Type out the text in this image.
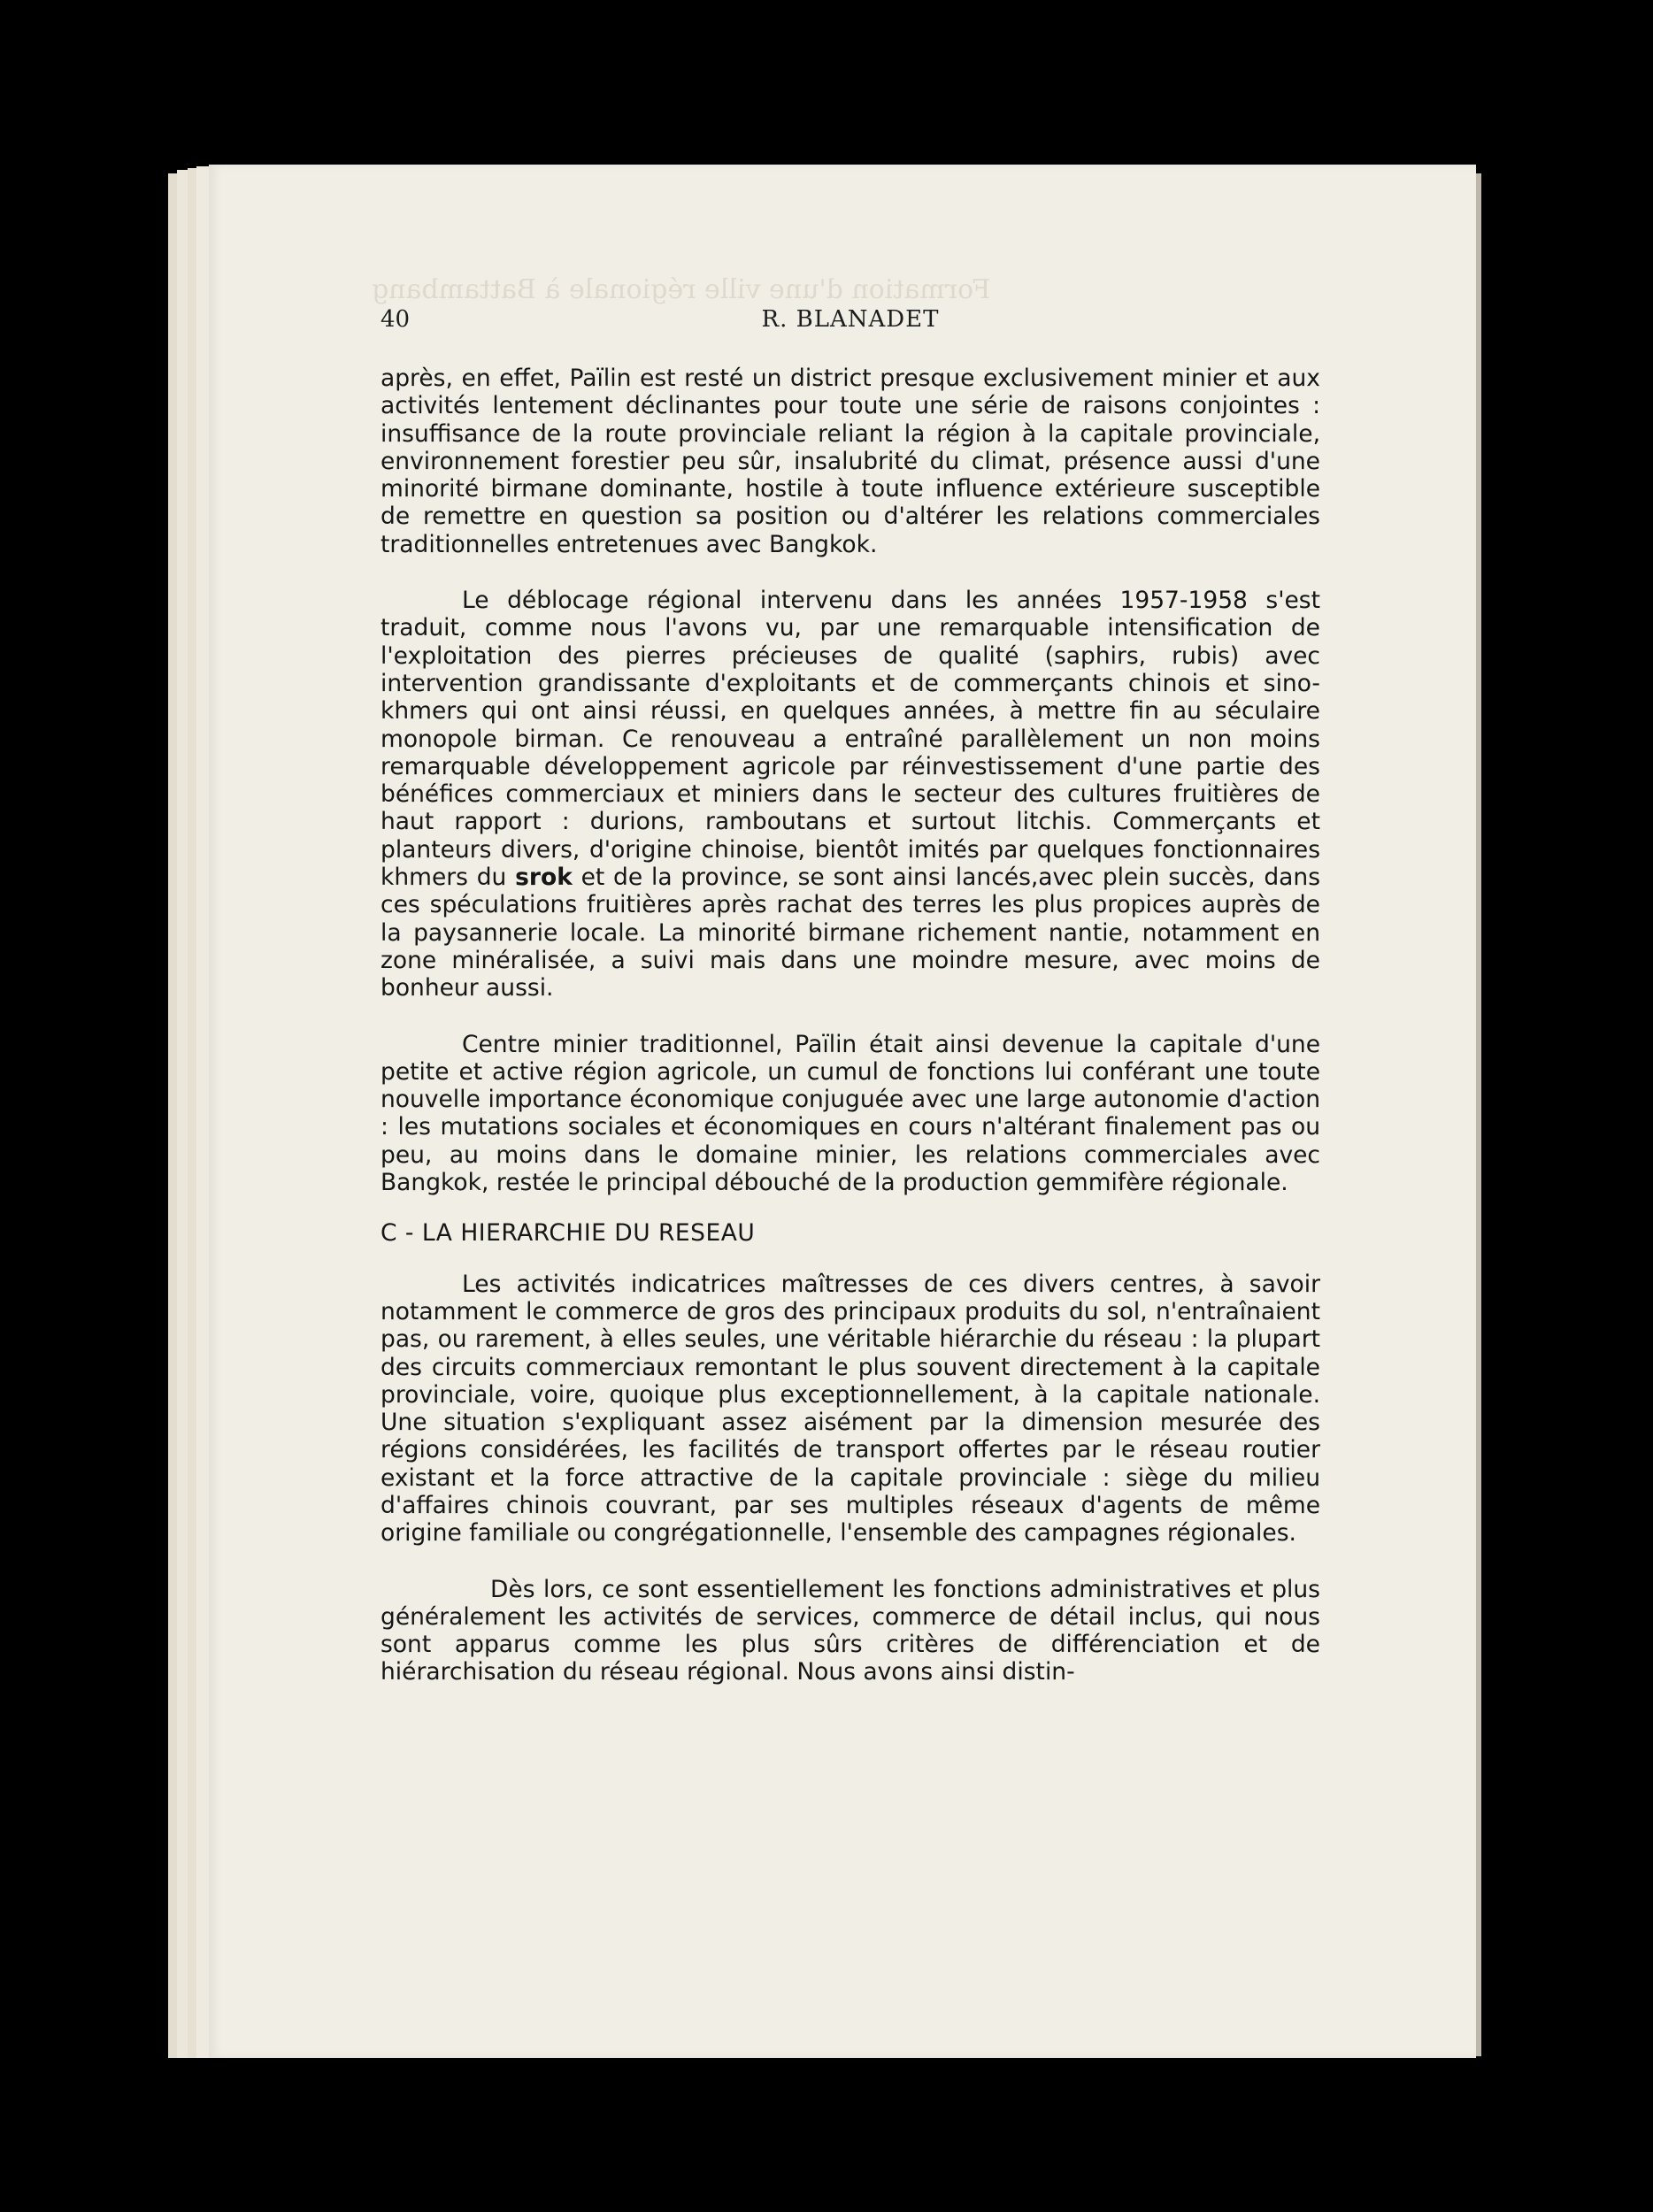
Formation d'une ville régionale à Battambang
40	R. BLANADET

après, en effet, Païlin est resté un district presque exclusivement minier et aux activités lentement déclinantes pour toute une série de raisons conjointes : insuffisance de la route provinciale reliant la région à la capitale provinciale, environnement forestier peu sûr, insalubrité du climat, présence aussi d'une minorité birmane dominante, hostile à toute influence extérieure susceptible de remettre en question sa position ou d'altérer les relations commerciales traditionnelles entretenues avec Bangkok.

Le déblocage régional intervenu dans les années 1957-1958 s'est traduit, comme nous l'avons vu, par une remarquable intensification de l'exploitation des pierres précieuses de qualité (saphirs, rubis) avec intervention grandissante d'exploitants et de commerçants chinois et sino-khmers qui ont ainsi réussi, en quelques années, à mettre fin au séculaire monopole birman. Ce renouveau a entraîné parallèlement un non moins remarquable développement agricole par réinvestissement d'une partie des bénéfices commerciaux et miniers dans le secteur des cultures fruitières de haut rapport : durions, ramboutans et surtout litchis. Commerçants et planteurs divers, d'origine chinoise, bientôt imités par quelques fonctionnaires khmers du srok et de la province, se sont ainsi lancés,avec plein succès, dans ces spéculations fruitières après rachat des terres les plus propices auprès de la paysannerie locale. La minorité birmane richement nantie, notamment en zone minéralisée, a suivi mais dans une moindre mesure, avec moins de bonheur aussi.

Centre minier traditionnel, Païlin était ainsi devenue la capitale d'une petite et active région agricole, un cumul de fonctions lui conférant une toute nouvelle importance économique conjuguée avec une large autonomie d'action : les mutations sociales et économiques en cours n'altérant finalement pas ou peu, au moins dans le domaine minier, les relations commerciales avec Bangkok, restée le principal débouché de la production gemmifère régionale.

C - LA HIERARCHIE DU RESEAU

Les activités indicatrices maîtresses de ces divers centres, à savoir notamment le commerce de gros des principaux produits du sol, n'entraînaient pas, ou rarement, à elles seules, une véritable hiérarchie du réseau : la plupart des circuits commerciaux remontant le plus souvent directement à la capitale provinciale, voire, quoique plus exceptionnellement, à la capitale nationale. Une situation s'expliquant assez aisément par la dimension mesurée des régions considérées, les facilités de transport offertes par le réseau routier existant et la force attractive de la capitale provinciale : siège du milieu d'affaires chinois couvrant, par ses multiples réseaux d'agents de même origine familiale ou congrégationnelle, l'ensemble des campagnes régionales.

Dès lors, ce sont essentiellement les fonctions administratives et plus généralement les activités de services, commerce de détail inclus, qui nous sont apparus comme les plus sûrs critères de différenciation et de hiérarchisation du réseau régional. Nous avons ainsi distin-
